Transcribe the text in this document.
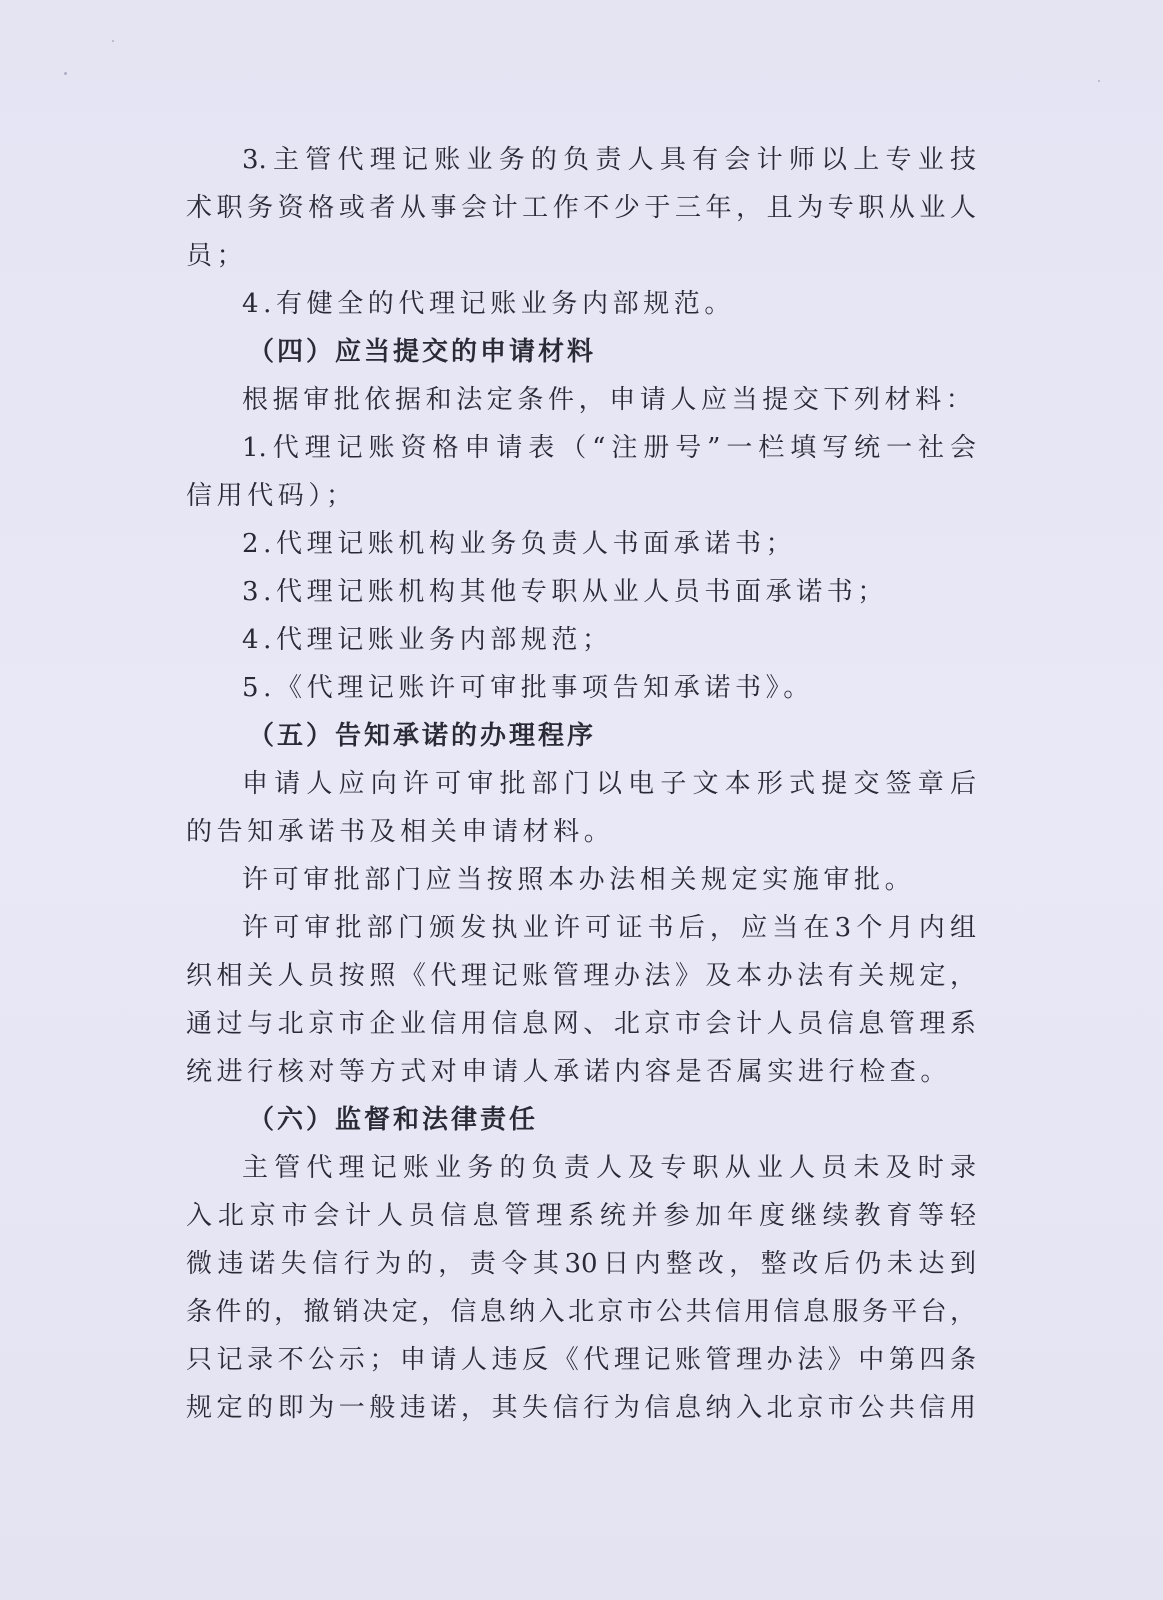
3.主管代理记账业务的负责人具有会计师以上专业技
术职务资格或者从事会计工作不少于三年，且为专职从业人
员；
4.有健全的代理记账业务内部规范。
（四）应当提交的申请材料
根据审批依据和法定条件，申请人应当提交下列材料：
1.代理记账资格申请表（“注册号”一栏填写统一社会
信用代码）；
2.代理记账机构业务负责人书面承诺书；
3.代理记账机构其他专职从业人员书面承诺书；
4.代理记账业务内部规范；
5.《代理记账许可审批事项告知承诺书》。
（五）告知承诺的办理程序
申请人应向许可审批部门以电子文本形式提交签章后
的告知承诺书及相关申请材料。
许可审批部门应当按照本办法相关规定实施审批。
许可审批部门颁发执业许可证书后，应当在3个月内组
织相关人员按照《代理记账管理办法》及本办法有关规定，
通过与北京市企业信用信息网、北京市会计人员信息管理系
统进行核对等方式对申请人承诺内容是否属实进行检查。
（六）监督和法律责任
主管代理记账业务的负责人及专职从业人员未及时录
入北京市会计人员信息管理系统并参加年度继续教育等轻
微违诺失信行为的，责令其30日内整改，整改后仍未达到
条件的，撤销决定，信息纳入北京市公共信用信息服务平台，
只记录不公示；申请人违反《代理记账管理办法》中第四条
规定的即为一般违诺，其失信行为信息纳入北京市公共信用
